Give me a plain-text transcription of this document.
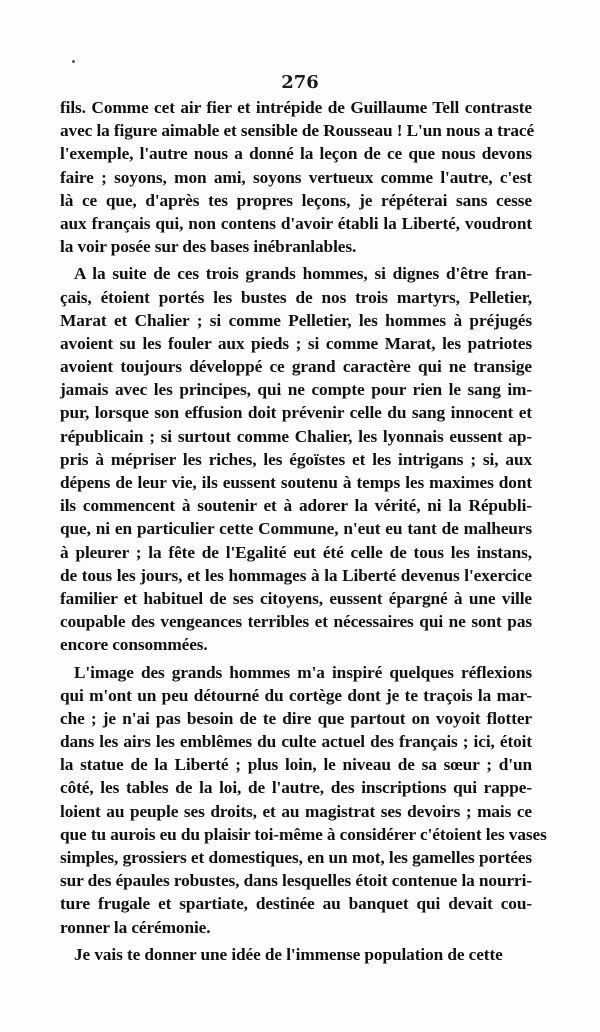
276
fils. Comme cet air fier et intrépide de Guillaume Tell contraste
avec la figure aimable et sensible de Rousseau ! L'un nous a tracé
l'exemple, l'autre nous a donné la leçon de ce que nous devons
faire ; soyons, mon ami, soyons vertueux comme l'autre, c'est
là ce que, d'après tes propres leçons, je répéterai sans cesse
aux français qui, non contens d'avoir établi la Liberté, voudront
la voir posée sur des bases inébranlables.
A la suite de ces trois grands hommes, si dignes d'être fran-
çais, étoient portés les bustes de nos trois martyrs, Pelletier,
Marat et Chalier ; si comme Pelletier, les hommes à préjugés
avoient su les fouler aux pieds ; si comme Marat, les patriotes
avoient toujours développé ce grand caractère qui ne transige
jamais avec les principes, qui ne compte pour rien le sang im-
pur, lorsque son effusion doit prévenir celle du sang innocent et
républicain ; si surtout comme Chalier, les lyonnais eussent ap-
pris à mépriser les riches, les égoïstes et les intrigans ; si, aux
dépens de leur vie, ils eussent soutenu à temps les maximes dont
ils commencent à soutenir et à adorer la vérité, ni la Républi-
que, ni en particulier cette Commune, n'eut eu tant de malheurs
à pleurer ; la fête de l'Egalité eut été celle de tous les instans,
de tous les jours, et les hommages à la Liberté devenus l'exercice
familier et habituel de ses citoyens, eussent épargné à une ville
coupable des vengeances terribles et nécessaires qui ne sont pas
encore consommées.
L'image des grands hommes m'a inspiré quelques réflexions
qui m'ont un peu détourné du cortège dont je te traçois la mar-
che ; je n'ai pas besoin de te dire que partout on voyoit flotter
dans les airs les emblêmes du culte actuel des français ; ici, étoit
la statue de la Liberté ; plus loin, le niveau de sa sœur ; d'un
côté, les tables de la loi, de l'autre, des inscriptions qui rappe-
loient au peuple ses droits, et au magistrat ses devoirs ; mais ce
que tu aurois eu du plaisir toi-même à considérer c'étoient les vases
simples, grossiers et domestiques, en un mot, les gamelles portées
sur des épaules robustes, dans lesquelles étoit contenue la nourri-
ture frugale et spartiate, destinée au banquet qui devait cou-
ronner la cérémonie.
Je vais te donner une idée de l'immense population de cette
